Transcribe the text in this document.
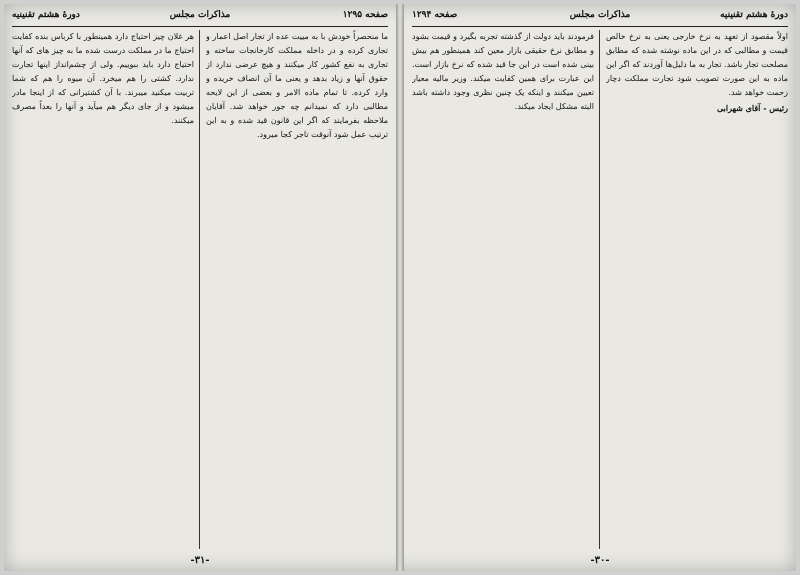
صفحه ۱۲۹۵
مذاکرات مجلس
دورهٔ هشتم تقنینیه

ما منحصراً خودش با به مییت عده از تجار اصل اعمار و تجاری کرده و در داخله مملکت کارخانجات ساخته و تجاری به نفع کشور کار میکنند و هیچ عرضی ندارد از حقوق آنها و زیاد بدهد و یعنی ما آن انصاف خریده و وارد کرده. تا تمام ماده الامر و بعضی از این لایحه مطالبی دارد که نمیدانم چه جور خواهد شد. آقایان ملاحظه بفرمایند که اگر این قانون قید شده و به این ترتیب عمل شود آنوقت تاجر کجا میرود.

هر غلان چیز احتیاج دارد همینطور با کرباس بنده کفایت احتیاج ما در مملکت درست شده ما به چیز های که آنها احتیاج دارد باید ببوییم. ولی از چشم‌انداز اینها تجارت ندارد. کشتی را هم میخرد. آن میوه را هم که شما تربیت میکنید میبرند. با آن کشتیرانی که از اینجا مادر میشود و از جای دیگر هم میآید و آنها را بعداً مصرف میکنند.

-۳۱-
دورهٔ هشتم تقنینیه
مذاکرات مجلس
صفحه ۱۲۹۴

اولاً مقصود از تعهد به نرخ خارجی یعنی به نرخ خالص قیمت و مطالبی که در این ماده نوشته شده که مطابق مصلحت تجار باشد. تجار به ما دلیل‌ها آوردند که اگر این ماده به این صورت تصویب شود تجارت مملکت دچار زحمت خواهد شد.

رئیس - آقای شهرابی

فرمودند باید دولت از گذشته تجربه بگیرد و قیمت بشود و مطابق نرخ حقیقی بازار معین کند همینطور هم بیش بینی شده است در این جا قید شده که نرخ بازار است. این عبارت برای همین کفایت میکند. وزیر مالیه معیار تعیین میکنند و اینکه یک چنین نظری وجود داشته باشد البته مشکل ایجاد میکند.

-۳۰-
